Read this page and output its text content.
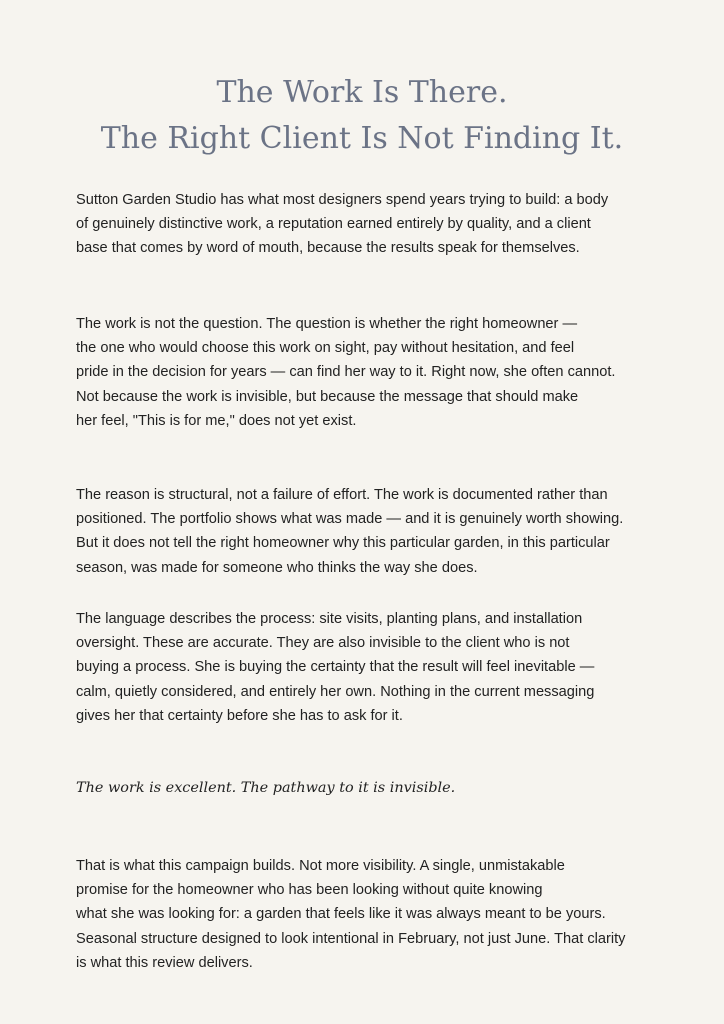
The Work Is There.
The Right Client Is Not Finding It.

Sutton Garden Studio has what most designers spend years trying to build: a body
of genuinely distinctive work, a reputation earned entirely by quality, and a client
base that comes by word of mouth, because the results speak for themselves.

The work is not the question. The question is whether the right homeowner —
the one who would choose this work on sight, pay without hesitation, and feel
pride in the decision for years — can find her way to it. Right now, she often cannot.
Not because the work is invisible, but because the message that should make
her feel, "This is for me," does not yet exist.

The reason is structural, not a failure of effort. The work is documented rather than
positioned. The portfolio shows what was made — and it is genuinely worth showing.
But it does not tell the right homeowner why this particular garden, in this particular
season, was made for someone who thinks the way she does.

The language describes the process: site visits, planting plans, and installation
oversight. These are accurate. They are also invisible to the client who is not
buying a process. She is buying the certainty that the result will feel inevitable —
calm, quietly considered, and entirely her own. Nothing in the current messaging
gives her that certainty before she has to ask for it.

The work is excellent. The pathway to it is invisible.

That is what this campaign builds. Not more visibility. A single, unmistakable
promise for the homeowner who has been looking without quite knowing
what she was looking for: a garden that feels like it was always meant to be yours.
Seasonal structure designed to look intentional in February, not just June. That clarity
is what this review delivers.
